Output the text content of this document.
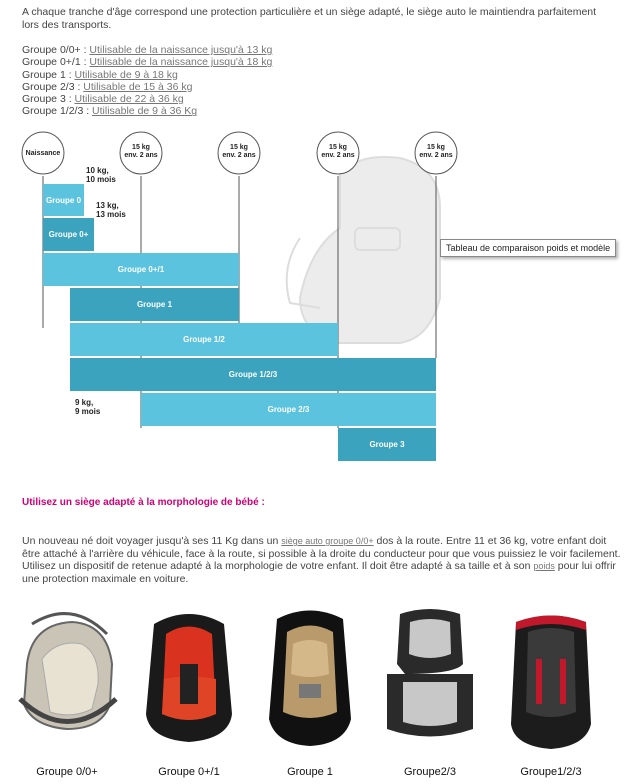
A chaque tranche d'âge correspond une protection particulière et un siège adapté, le siège auto le maintiendra parfaitement lors des transports.
Groupe 0/0+ : Utilisable de la naissance jusqu'à 13 kg
Groupe 0+/1 : Utilisable de la naissance jusqu'à 18 kg
Groupe 1 : Utilisable de 9 à 18 kg
Groupe 2/3 : Utilisable de 15 à 36 kg
Groupe 3 : Utilisable de 22 à 36 kg
Groupe 1/2/3 : Utilisable de 9 à 36 Kg
Naissance
15 kg
env. 2 ans
15 kg
env. 2 ans
15 kg
env. 2 ans
15 kg
env. 2 ans
10 kg,
10 mois
13 kg,
13 mois
9 kg,
9 mois
Groupe 0
Groupe 0+
Groupe 0+/1
Groupe 1
Groupe 1/2
Groupe 1/2/3
Groupe 2/3
Groupe 3
Tableau de comparaison poids et modèle
Utilisez un siège adapté à la morphologie de bébé :
Un nouveau né doit voyager jusqu'à ses 11 Kg dans un siège auto groupe 0/0+ dos à la route. Entre 11 et 36 kg, votre enfant doit être attaché à l'arrière du véhicule, face à la route, si possible à la droite du conducteur pour que vous puissiez le voir facilement.
Utilisez un dispositif de retenue adapté à la morphologie de votre enfant. Il doit être adapté à sa taille et à son poids pour lui offrir une protection maximale en voiture.
Groupe 0/0+	Groupe 0+/1	Groupe 1	Groupe2/3	Groupe1/2/3
